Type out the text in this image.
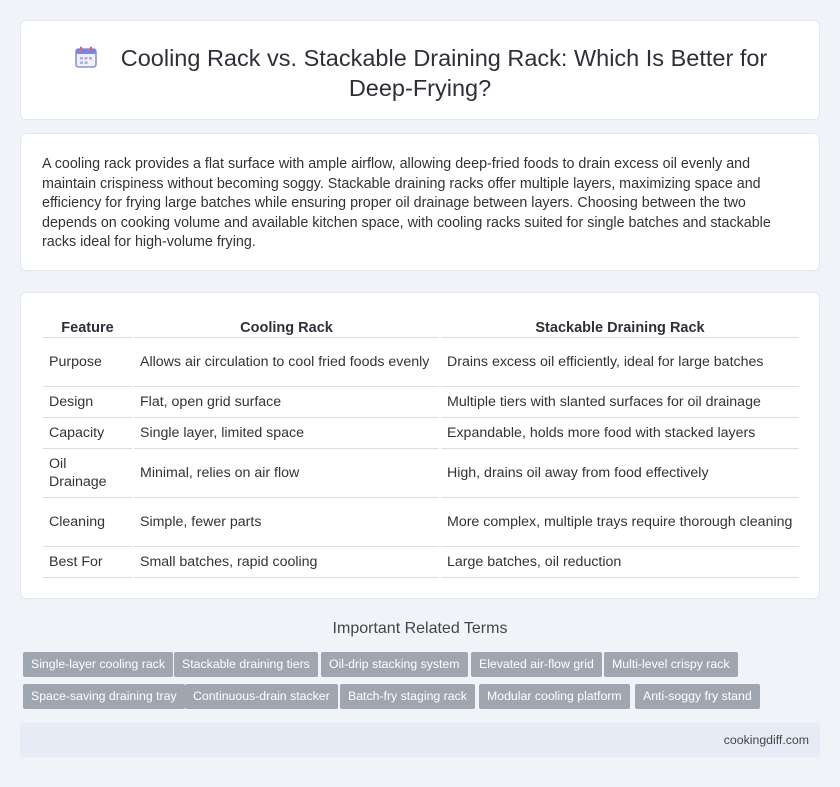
Cooling Rack vs. Stackable Draining Rack: Which Is Better for Deep-Frying?

A cooling rack provides a flat surface with ample airflow, allowing deep-fried foods to drain excess oil evenly and maintain crispiness without becoming soggy. Stackable draining racks offer multiple layers, maximizing space and efficiency for frying large batches while ensuring proper oil drainage between layers. Choosing between the two depends on cooking volume and available kitchen space, with cooling racks suited for single batches and stackable racks ideal for high-volume frying.

Feature	Cooling Rack	Stackable Draining Rack
Purpose	Allows air circulation to cool fried foods evenly	Drains excess oil efficiently, ideal for large batches
Design	Flat, open grid surface	Multiple tiers with slanted surfaces for oil drainage
Capacity	Single layer, limited space	Expandable, holds more food with stacked layers
Oil Drainage	Minimal, relies on air flow	High, drains oil away from food effectively
Cleaning	Simple, fewer parts	More complex, multiple trays require thorough cleaning
Best For	Small batches, rapid cooling	Large batches, oil reduction
Important Related Terms
Single-layer cooling rack	Stackable draining tiers	Oil-drip stacking system	Elevated air-flow grid	Multi-level crispy rack
Space-saving draining tray	Continuous-drain stacker	Batch-fry staging rack	Modular cooling platform	Anti-soggy fry stand
cookingdiff.com
